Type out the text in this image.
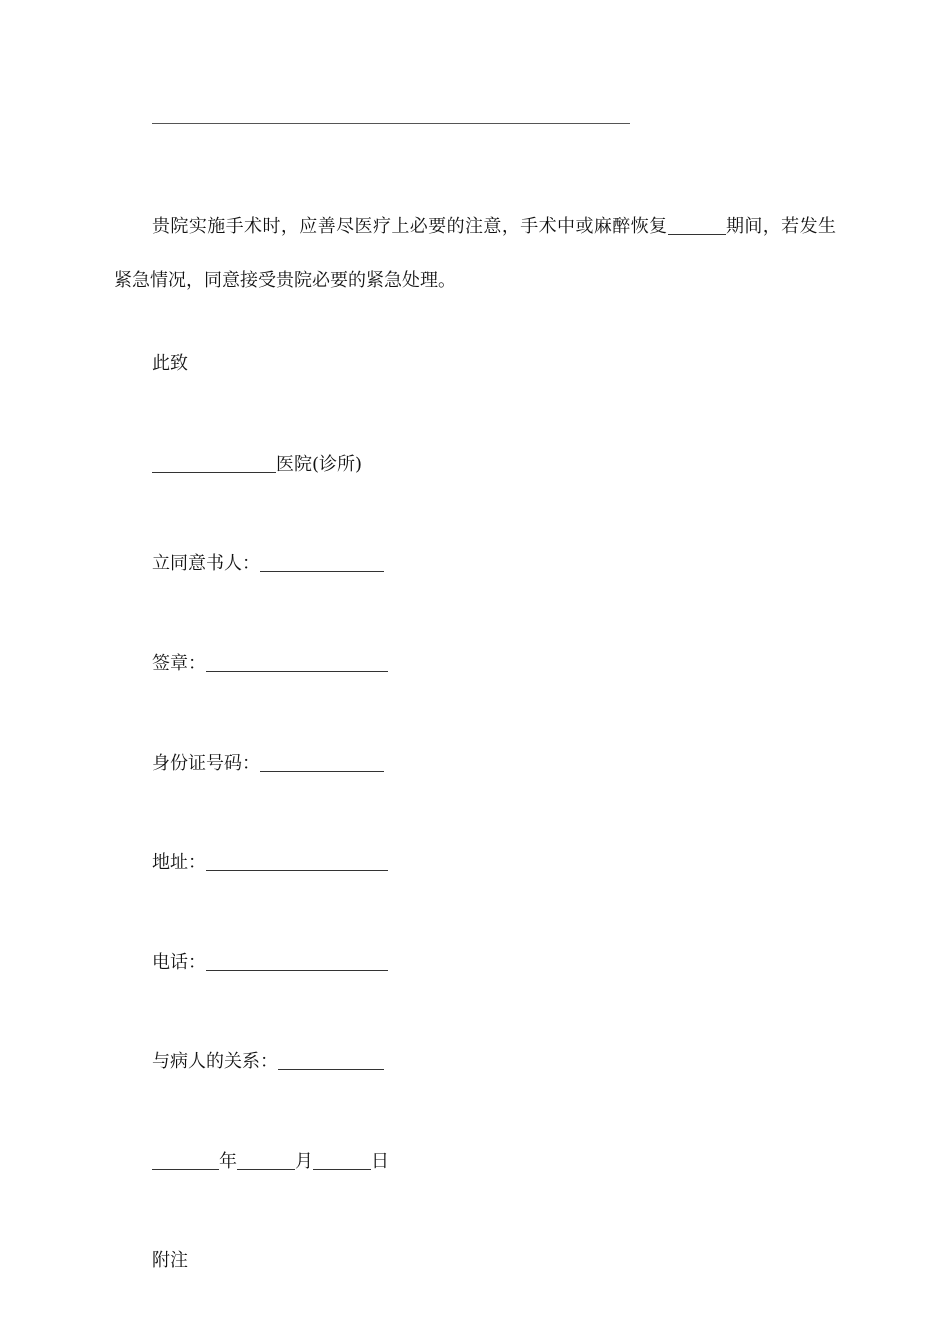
贵院实施手术时，应善尽医疗上必要的注意，手术中或麻醉恢复	期间，若发生紧急情况，同意接受贵院必要的紧急处理。
此致
医院(诊所)
立同意书人：
签章：
身份证号码：
地址：
电话：
与病人的关系：
年	月	日
附注
